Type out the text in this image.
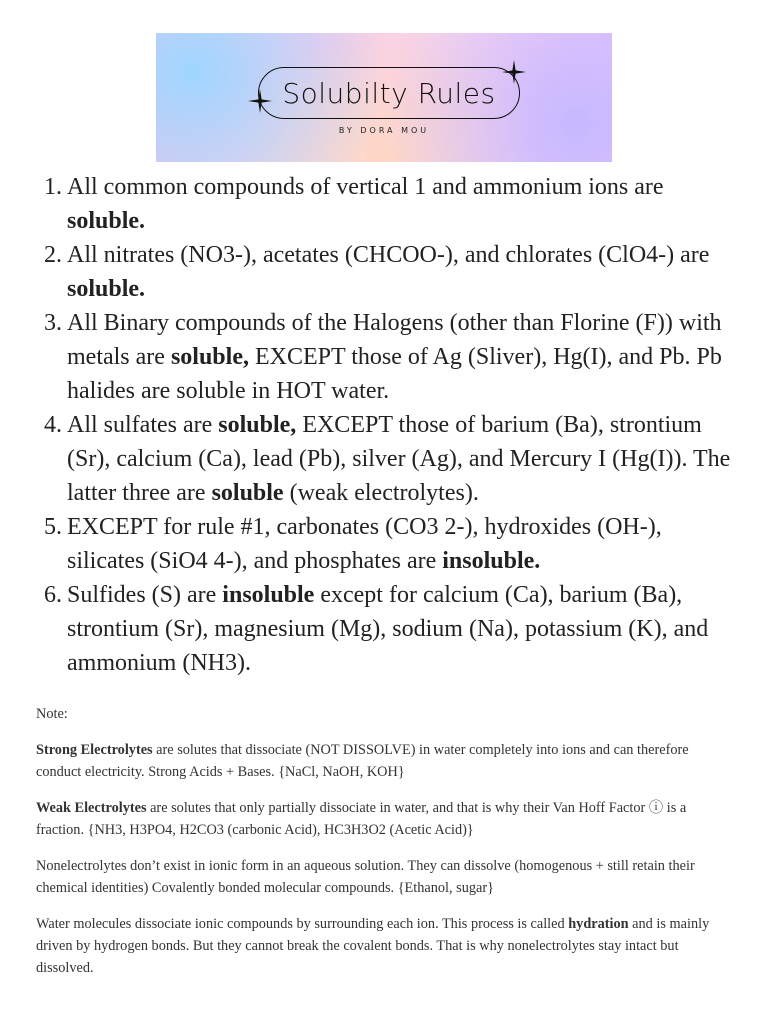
Solubilty Rules
BY DORA MOU
1. All common compounds of vertical 1 and ammonium ions are soluble.
2. All nitrates (NO3-), acetates (CHCOO-), and chlorates (ClO4-) are soluble.
3. All Binary compounds of the Halogens (other than Florine (F)) with metals are soluble, EXCEPT those of Ag (Sliver), Hg(I), and Pb. Pb halides are soluble in HOT water.
4. All sulfates are soluble, EXCEPT those of barium (Ba), strontium (Sr), calcium (Ca), lead (Pb), silver (Ag), and Mercury I (Hg(I)). The latter three are soluble (weak electrolytes).
5. EXCEPT for rule #1, carbonates (CO3 2-), hydroxides (OH-), silicates (SiO4 4-), and phosphates are insoluble.
6. Sulfides (S) are insoluble except for calcium (Ca), barium (Ba), strontium (Sr), magnesium (Mg), sodium (Na), potassium (K), and ammonium (NH3).
Note:

Strong Electrolytes are solutes that dissociate (NOT DISSOLVE) in water completely into ions and can therefore conduct electricity. Strong Acids + Bases. {NaCl, NaOH, KOH}

Weak Electrolytes are solutes that only partially dissociate in water, and that is why their Van Hoff Factor ⓘ is a fraction. {NH3, H3PO4, H2CO3 (carbonic Acid), HC3H3O2 (Acetic Acid)}

Nonelectrolytes don’t exist in ionic form in an aqueous solution. They can dissolve (homogenous + still retain their chemical identities) Covalently bonded molecular compounds. {Ethanol, sugar}

Water molecules dissociate ionic compounds by surrounding each ion. This process is called hydration and is mainly driven by hydrogen bonds. But they cannot break the covalent bonds. That is why nonelectrolytes stay intact but dissolved.
